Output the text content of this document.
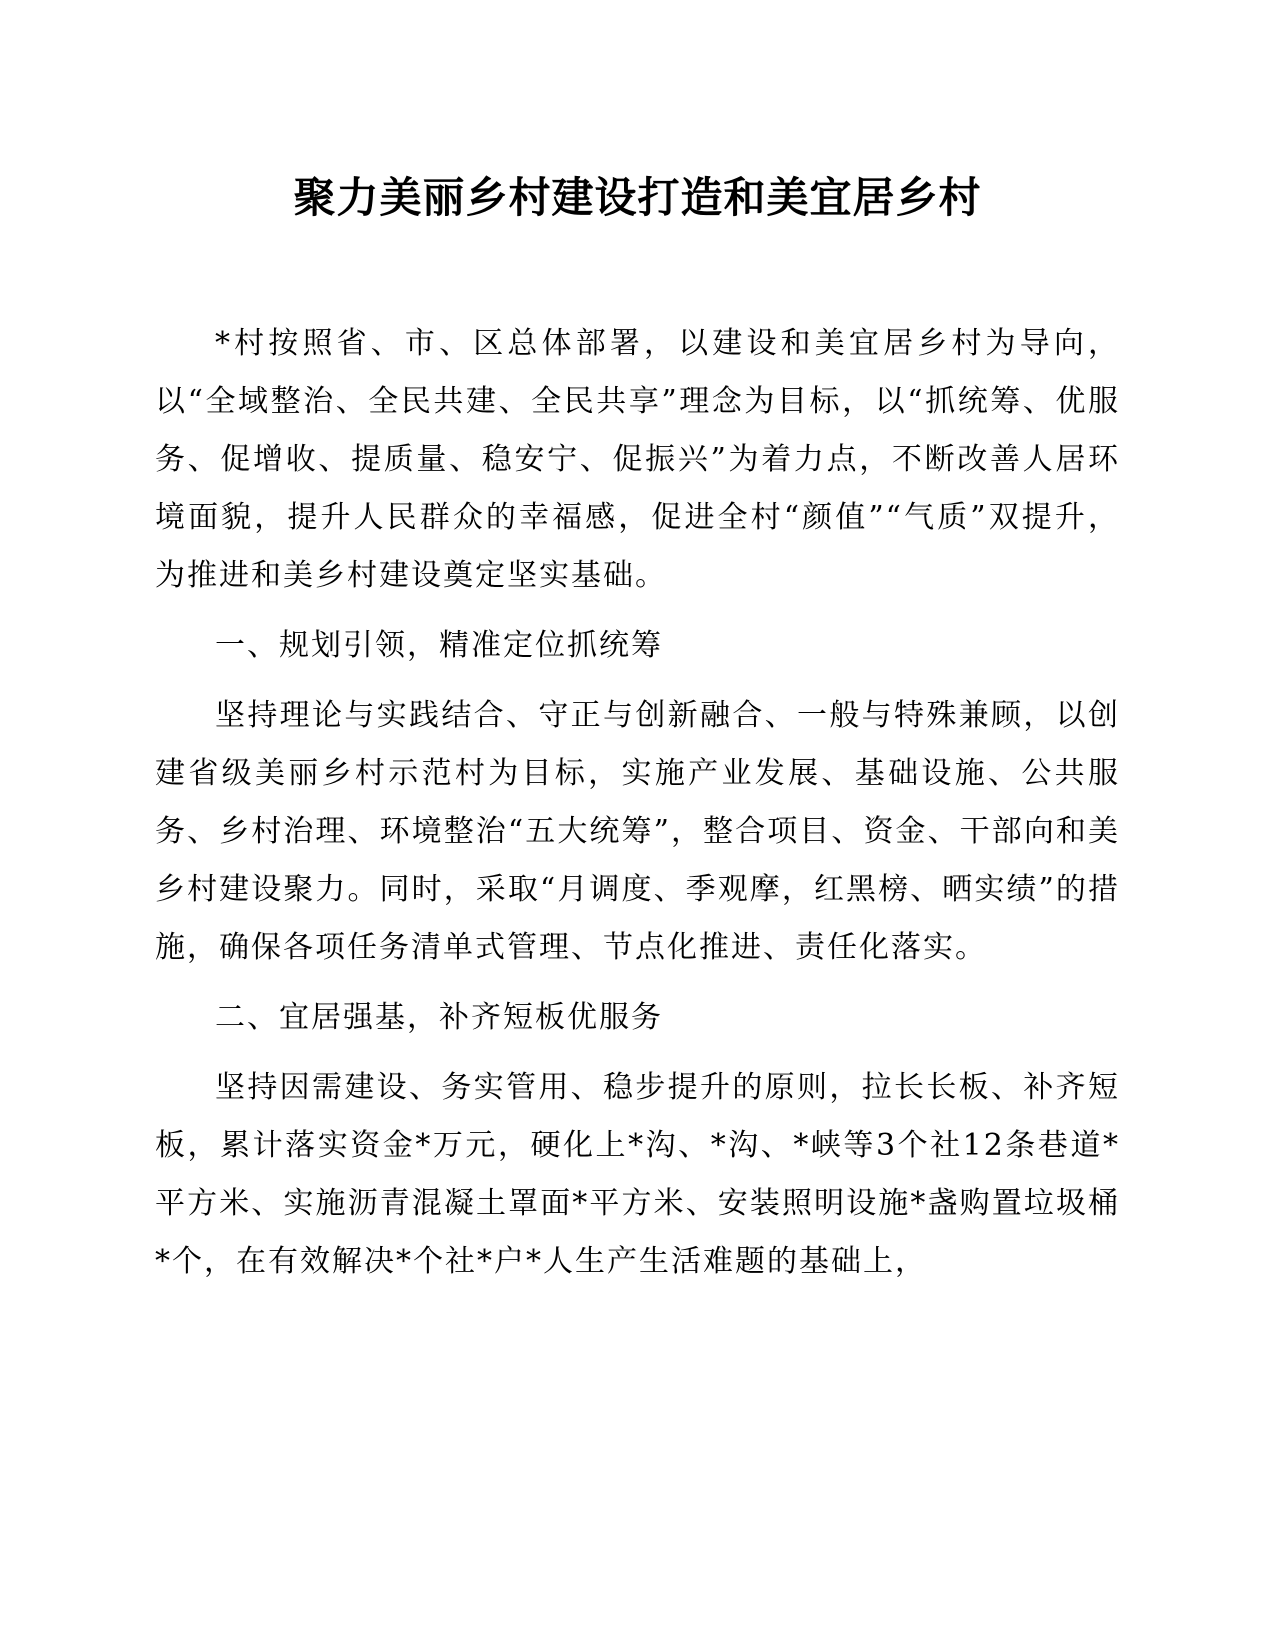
聚力美丽乡村建设打造和美宜居乡村

*村按照省、市、区总体部署，以建设和美宜居乡村为导向，以“全域整治、全民共建、全民共享”理念为目标，以“抓统筹、优服务、促增收、提质量、稳安宁、促振兴”为着力点，不断改善人居环境面貌，提升人民群众的幸福感，促进全村“颜值”“气质”双提升，为推进和美乡村建设奠定坚实基础。

一、规划引领，精准定位抓统筹

坚持理论与实践结合、守正与创新融合、一般与特殊兼顾，以创建省级美丽乡村示范村为目标，实施产业发展、基础设施、公共服务、乡村治理、环境整治“五大统筹”，整合项目、资金、干部向和美乡村建设聚力。同时，采取“月调度、季观摩，红黑榜、晒实绩”的措施，确保各项任务清单式管理、节点化推进、责任化落实。

二、宜居强基，补齐短板优服务

坚持因需建设、务实管用、稳步提升的原则，拉长长板、补齐短板，累计落实资金*万元，硬化上*沟、*沟、*峡等3个社12条巷道*平方米、实施沥青混凝土罩面*平方米、安装照明设施*盏购置垃圾桶*个，在有效解决*个社*户*人生产生活难题的基础上，
